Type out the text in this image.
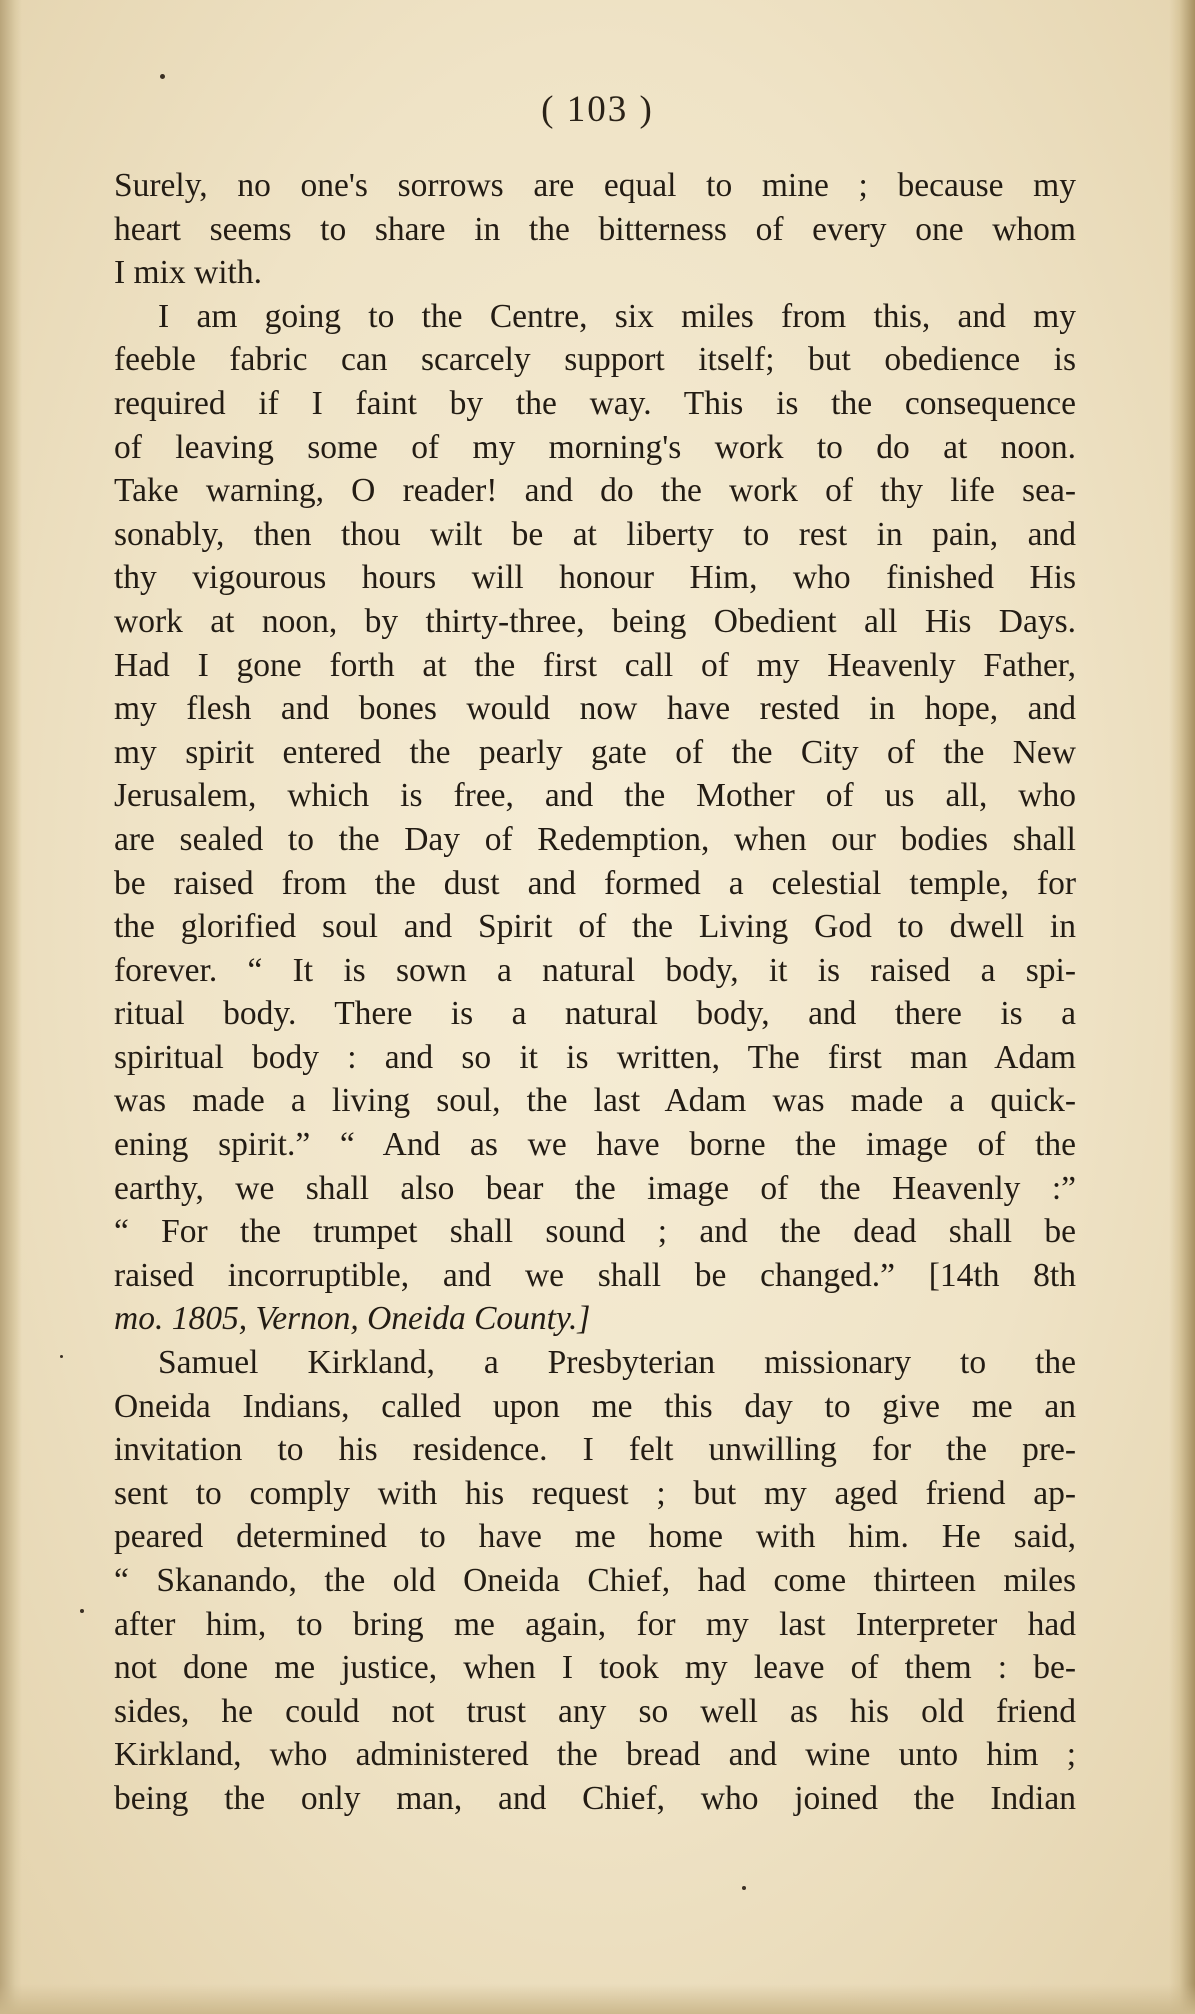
( 103 )
Surely, no one's sorrows are equal to mine ; because my
heart seems to share in the bitterness of every one whom
I mix with.
I am going to the Centre, six miles from this, and my
feeble fabric can scarcely support itself; but obedience is
required if I faint by the way. This is the consequence
of leaving some of my morning's work to do at noon.
Take warning, O reader! and do the work of thy life sea-
sonably, then thou wilt be at liberty to rest in pain, and
thy vigourous hours will honour Him, who finished His
work at noon, by thirty-three, being Obedient all His Days.
Had I gone forth at the first call of my Heavenly Father,
my flesh and bones would now have rested in hope, and
my spirit entered the pearly gate of the City of the New
Jerusalem, which is free, and the Mother of us all, who
are sealed to the Day of Redemption, when our bodies shall
be raised from the dust and formed a celestial temple, for
the glorified soul and Spirit of the Living God to dwell in
forever. “ It is sown a natural body, it is raised a spi-
ritual body. There is a natural body, and there is a
spiritual body : and so it is written, The first man Adam
was made a living soul, the last Adam was made a quick-
ening spirit.” “ And as we have borne the image of the
earthy, we shall also bear the image of the Heavenly :”
“ For the trumpet shall sound ; and the dead shall be
raised incorruptible, and we shall be changed.” [14th 8th
mo. 1805, Vernon, Oneida County.]
Samuel Kirkland, a Presbyterian missionary to the
Oneida Indians, called upon me this day to give me an
invitation to his residence. I felt unwilling for the pre-
sent to comply with his request ; but my aged friend ap-
peared determined to have me home with him. He said,
“ Skanando, the old Oneida Chief, had come thirteen miles
after him, to bring me again, for my last Interpreter had
not done me justice, when I took my leave of them : be-
sides, he could not trust any so well as his old friend
Kirkland, who administered the bread and wine unto him ;
being the only man, and Chief, who joined the Indian
